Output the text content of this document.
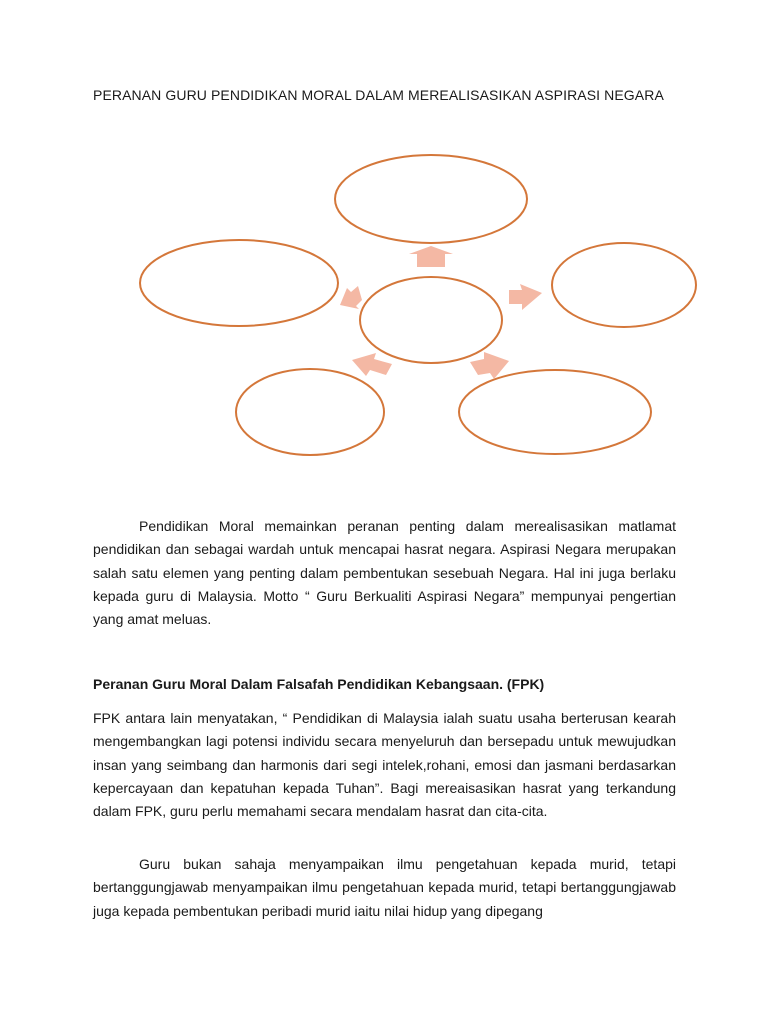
PERANAN GURU PENDIDIKAN MORAL DALAM MEREALISASIKAN ASPIRASI NEGARA

Pendidikan Moral memainkan peranan penting dalam merealisasikan matlamat pendidikan dan sebagai wardah untuk mencapai hasrat negara. Aspirasi Negara merupakan salah satu elemen yang penting dalam pembentukan sesebuah Negara. Hal ini juga berlaku kepada guru di Malaysia. Motto “ Guru Berkualiti Aspirasi Negara” mempunyai pengertian yang amat meluas.

Peranan Guru Moral Dalam Falsafah Pendidikan Kebangsaan. (FPK)

FPK antara lain menyatakan, “ Pendidikan di Malaysia ialah suatu usaha berterusan kearah mengembangkan lagi potensi individu secara menyeluruh dan bersepadu untuk mewujudkan insan yang seimbang dan harmonis dari segi intelek,rohani, emosi dan jasmani berdasarkan kepercayaan dan kepatuhan kepada Tuhan”. Bagi mereaisasikan hasrat yang terkandung dalam FPK, guru perlu memahami secara mendalam hasrat dan cita-cita.

Guru bukan sahaja menyampaikan ilmu pengetahuan kepada murid, tetapi bertanggungjawab menyampaikan ilmu pengetahuan kepada murid, tetapi bertanggungjawab juga kepada pembentukan peribadi murid iaitu nilai hidup yang dipegang
